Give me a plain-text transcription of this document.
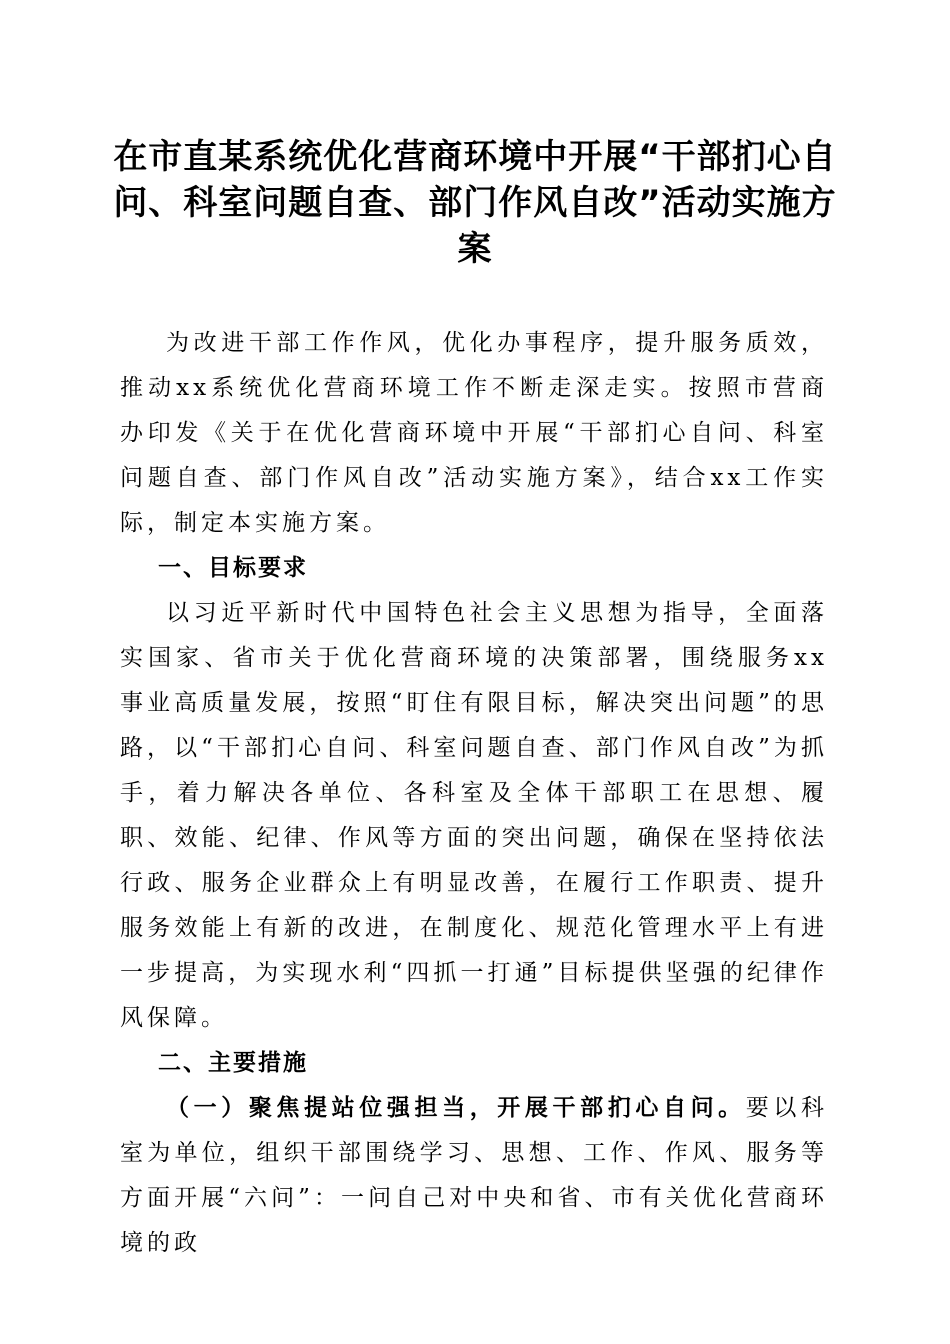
在市直某系统优化营商环境中开展“干部扪心自问、科室问题自查、部门作风自改”活动实施方案

为改进干部工作作风，优化办事程序，提升服务质效，推动xx系统优化营商环境工作不断走深走实。按照市营商办印发《关于在优化营商环境中开展“干部扪心自问、科室问题自查、部门作风自改”活动实施方案》，结合xx工作实际，制定本实施方案。

一、目标要求

以习近平新时代中国特色社会主义思想为指导，全面落实国家、省市关于优化营商环境的决策部署，围绕服务xx事业高质量发展，按照“盯住有限目标，解决突出问题”的思路，以“干部扪心自问、科室问题自查、部门作风自改”为抓手，着力解决各单位、各科室及全体干部职工在思想、履职、效能、纪律、作风等方面的突出问题，确保在坚持依法行政、服务企业群众上有明显改善，在履行工作职责、提升服务效能上有新的改进，在制度化、规范化管理水平上有进一步提高，为实现水利“四抓一打通”目标提供坚强的纪律作风保障。

二、主要措施

（一）聚焦提站位强担当，开展干部扪心自问。要以科室为单位，组织干部围绕学习、思想、工作、作风、服务等方面开展“六问”：一问自己对中央和省、市有关优化营商环境的政
